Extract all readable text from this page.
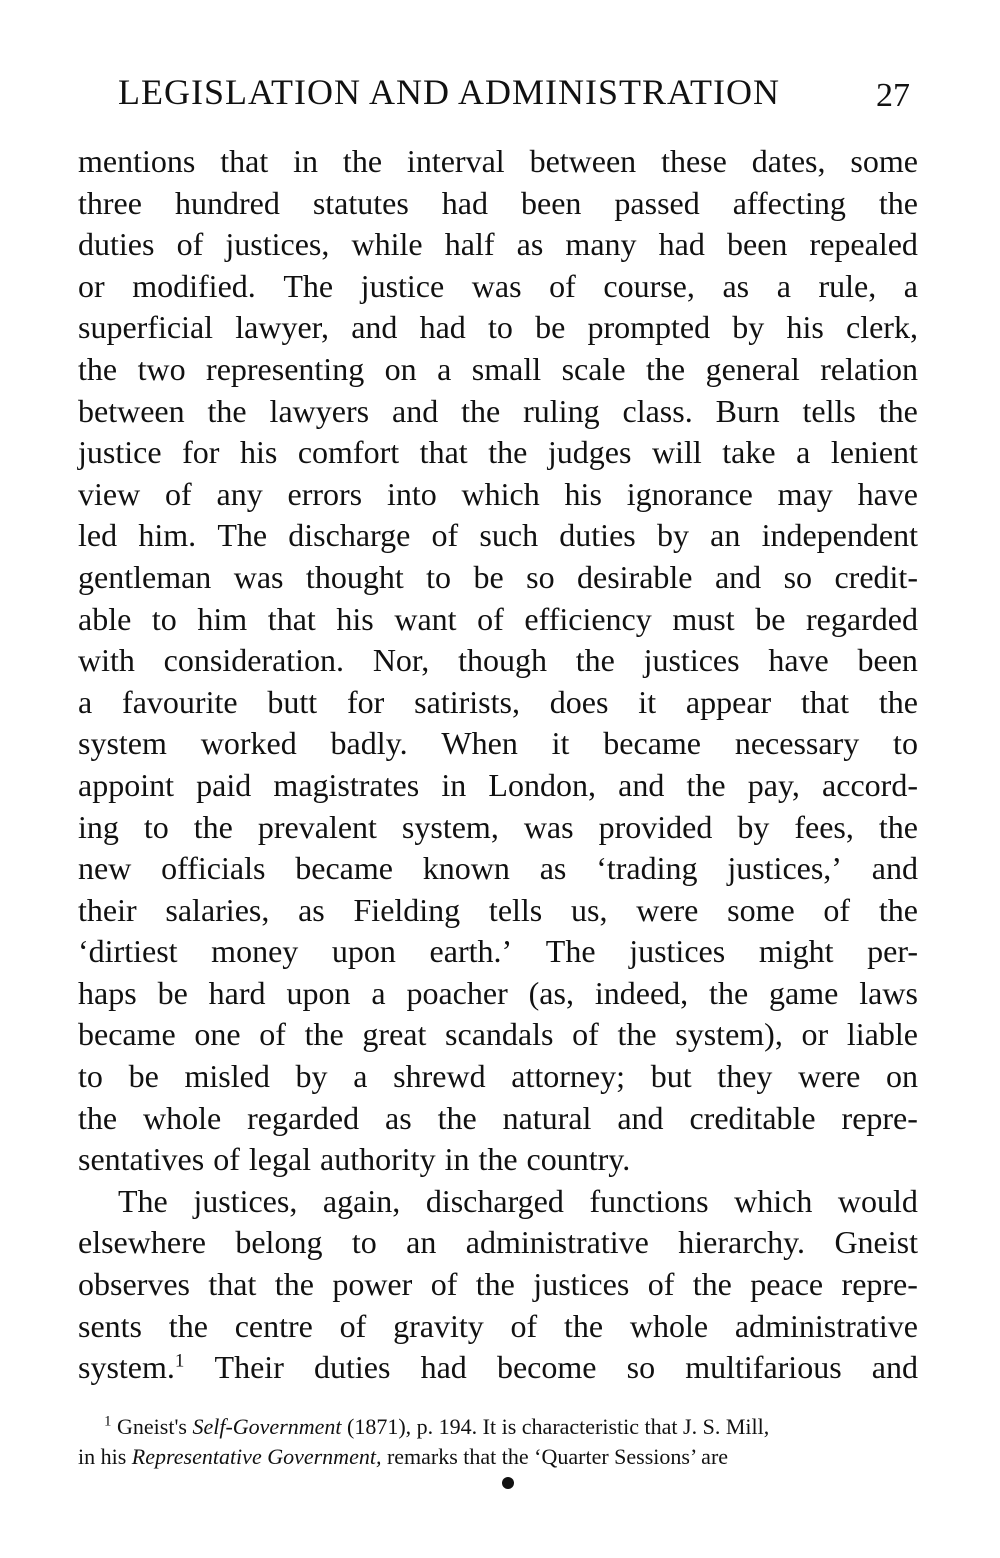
LEGISLATION AND ADMINISTRATION	27
mentions that in the interval between these dates, some
three hundred statutes had been passed affecting the
duties of justices, while half as many had been repealed
or modified. The justice was of course, as a rule, a
superficial lawyer, and had to be prompted by his clerk,
the two representing on a small scale the general relation
between the lawyers and the ruling class. Burn tells the
justice for his comfort that the judges will take a lenient
view of any errors into which his ignorance may have
led him. The discharge of such duties by an independent
gentleman was thought to be so desirable and so credit-
able to him that his want of efficiency must be regarded
with consideration. Nor, though the justices have been
a favourite butt for satirists, does it appear that the
system worked badly. When it became necessary to
appoint paid magistrates in London, and the pay, accord-
ing to the prevalent system, was provided by fees, the
new officials became known as ‘trading justices,’ and
their salaries, as Fielding tells us, were some of the
‘dirtiest money upon earth.’ The justices might per-
haps be hard upon a poacher (as, indeed, the game laws
became one of the great scandals of the system), or liable
to be misled by a shrewd attorney; but they were on
the whole regarded as the natural and creditable repre-
sentatives of legal authority in the country.
The justices, again, discharged functions which would
elsewhere belong to an administrative hierarchy. Gneist
observes that the power of the justices of the peace repre-
sents the centre of gravity of the whole administrative
system.$^1$ Their duties had become so multifarious and
$^1$ Gneist's Self-Government (1871), p. 194. It is characteristic that J. S. Mill,
in his Representative Government, remarks that the ‘Quarter Sessions’ are
